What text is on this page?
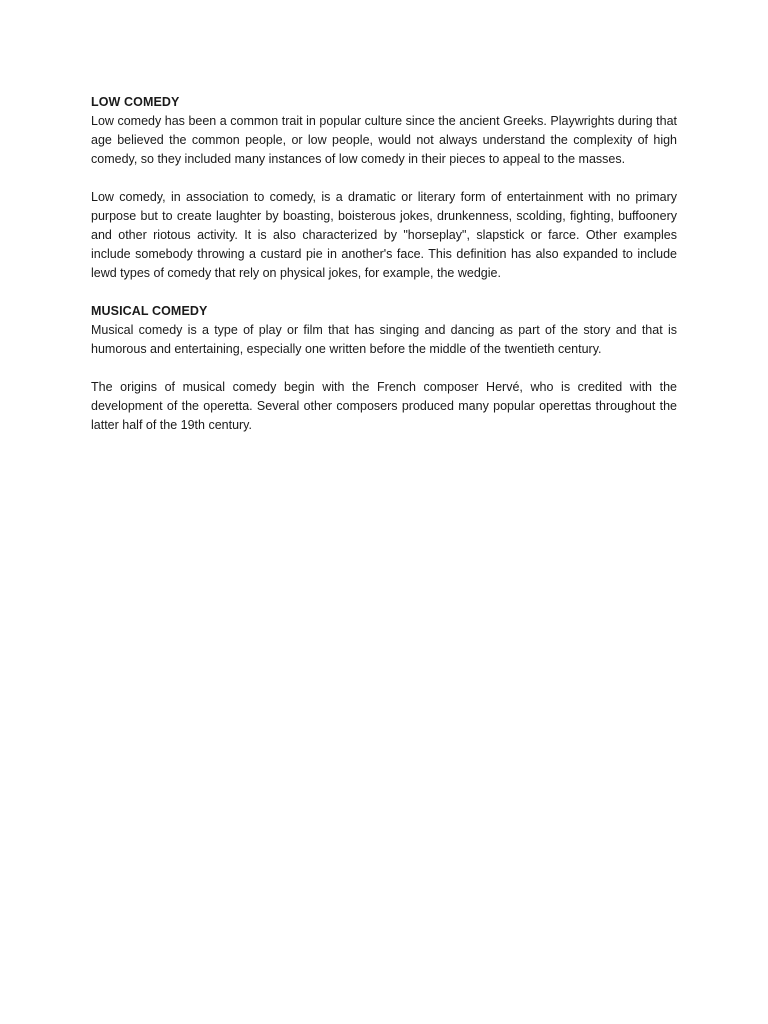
LOW COMEDY

Low comedy has been a common trait in popular culture since the ancient Greeks. Playwrights during that age believed the common people, or low people, would not always understand the complexity of high comedy, so they included many instances of low comedy in their pieces to appeal to the masses.

Low comedy, in association to comedy, is a dramatic or literary form of entertainment with no primary purpose but to create laughter by boasting, boisterous jokes, drunkenness, scolding, fighting, buffoonery and other riotous activity. It is also characterized by "horseplay", slapstick or farce. Other examples include somebody throwing a custard pie in another's face. This definition has also expanded to include lewd types of comedy that rely on physical jokes, for example, the wedgie.

MUSICAL COMEDY

Musical comedy is a type of play or film that has singing and dancing as part of the story and that is humorous and entertaining, especially one written before the middle of the twentieth century.

The origins of musical comedy begin with the French composer Hervé, who is credited with the development of the operetta. Several other composers produced many popular operettas throughout the latter half of the 19th century.
